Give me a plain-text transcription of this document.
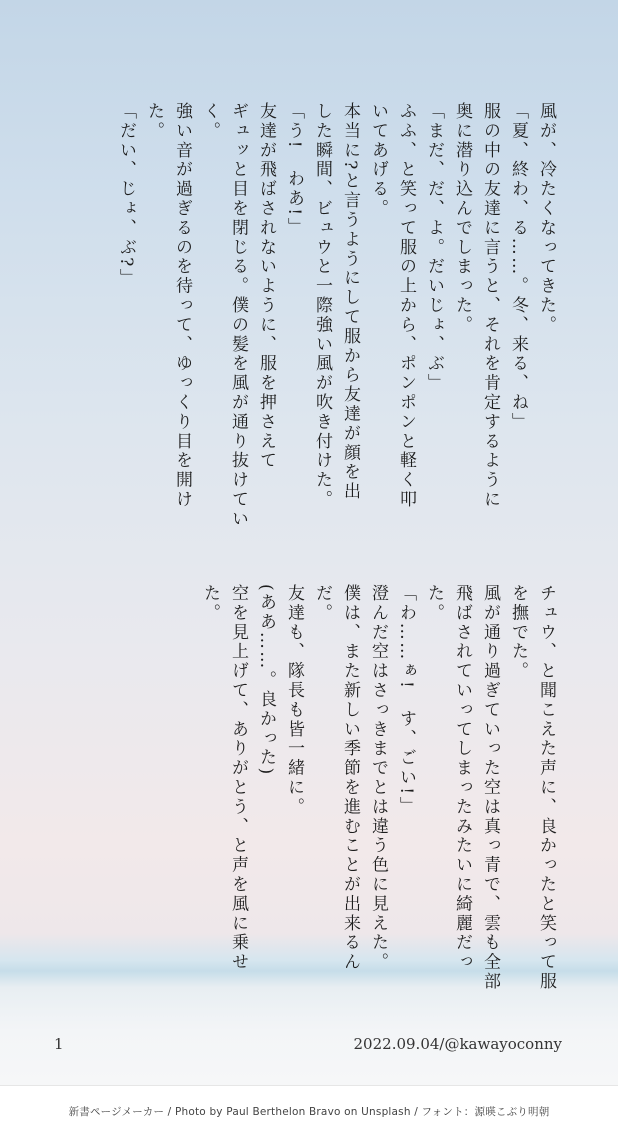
風が、冷たくなってきた。
「夏、終わ、る……。冬、来る、ね」
服の中の友達に言うと、それを肯定するように
奥に潜り込んでしまった。
「まだ、だ、よ。だいじょ、ぶ」
ふふ、と笑って服の上から、ポンポンと軽く叩
いてあげる。
本当に?と言うようにして服から友達が顔を出
した瞬間、ビュウと一際強い風が吹き付けた。
「う!　わあ!」
友達が飛ばされないように、服を押さえて
ギュッと目を閉じる。僕の髪を風が通り抜けてい
く。
強い音が過ぎるのを待って、ゆっくり目を開け
た。
「だい、じょ、ぶ?」
チュウ、と聞こえた声に、良かったと笑って服
を撫でた。
風が通り過ぎていった空は真っ青で、雲も全部
飛ばされていってしまったみたいに綺麗だった。
「わ……ぁ!　す、ごい!」
澄んだ空はさっきまでとは違う色に見えた。
僕は、また新しい季節を進むことが出来るんだ。
友達も、隊長も皆一緒に。
(ああ……。良かった)
空を見上げて、ありがとう、と声を風に乗せた。
1	2022.09.04/@kawayoconny
新書ページメーカー / Photo by Paul Berthelon Bravo on Unsplash / フォント：源暎こぶり明朝
